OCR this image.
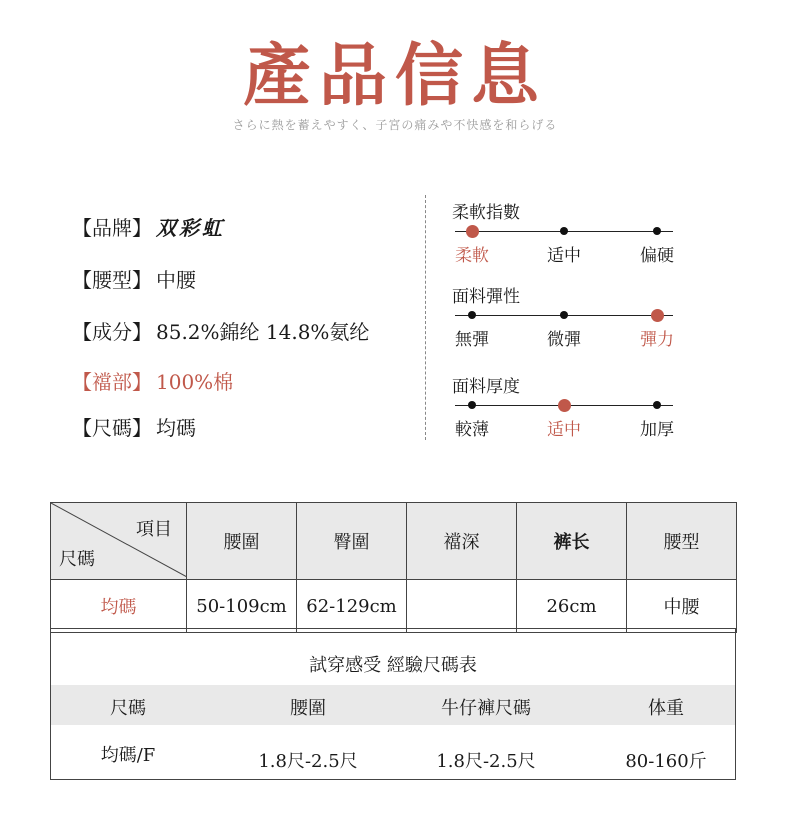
產品信息
さらに熱を蓄えやすく、子宮の痛みや不快感を和らげる
【品牌】 双彩虹
【腰型】 中腰
【成分】 85.2%錦纶 14.8%氨纶
【襠部】 100%棉
【尺碼】 均碼
柔軟指數
柔軟	适中	偏硬
面料彈性
無彈	微彈	彈力
面料厚度
較薄	适中	加厚
項目
尺碼	腰圍	臀圍	襠深	裤长	腰型
均碼	50-109cm	62-129cm		26cm	中腰
試穿感受 經驗尺碼表
尺碼	腰圍	牛仔褲尺碼	体重
均碼/F	1.8尺-2.5尺	1.8尺-2.5尺	80-160斤
